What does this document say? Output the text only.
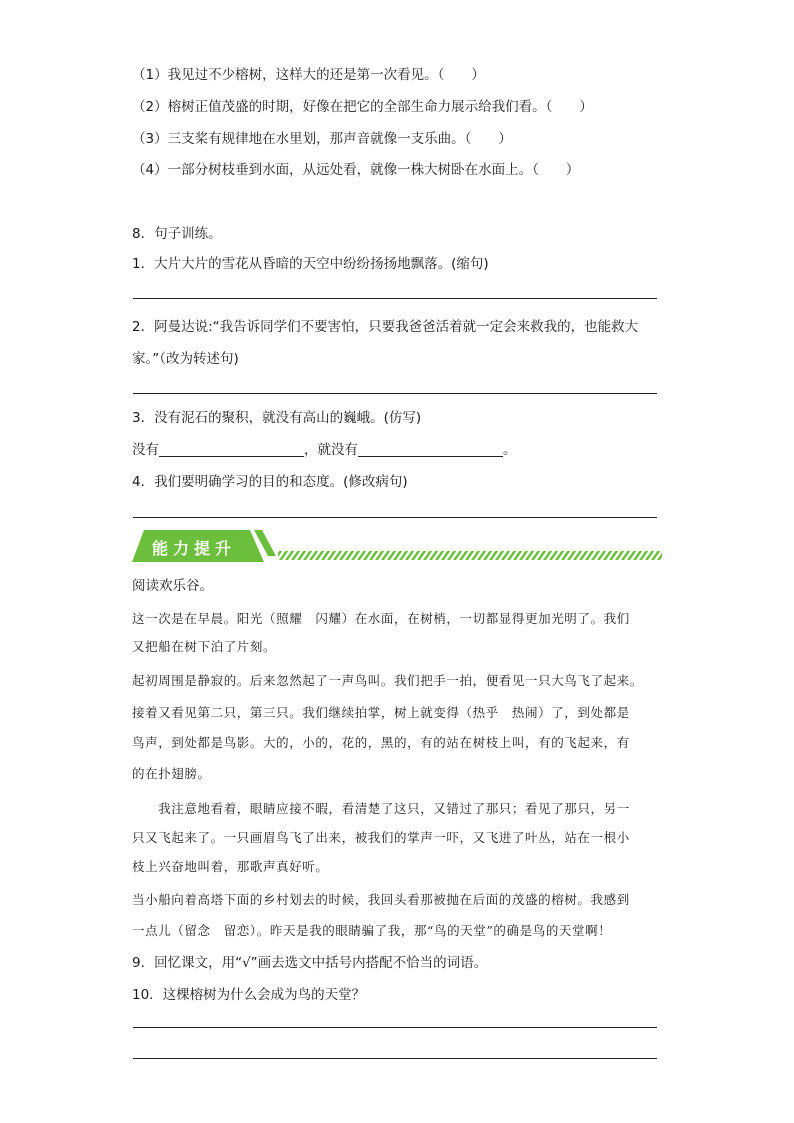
（1）我见过不少榕树，这样大的还是第一次看见。（　　）
（2）榕树正值茂盛的时期，好像在把它的全部生命力展示给我们看。（　　）
（3）三支桨有规律地在水里划，那声音就像一支乐曲。（　　）
（4）一部分树枝垂到水面，从远处看，就像一株大树卧在水面上。（　　）
8．句子训练。
1．大片大片的雪花从昏暗的天空中纷纷扬扬地飘落。(缩句)
2．阿曼达说:“我告诉同学们不要害怕，只要我爸爸活着就一定会来救我的，也能救大
家。”（改为转述句)
3．没有泥石的聚积，就没有高山的巍峨。(仿写)
没有	，就没有	。
4．我们要明确学习的目的和态度。(修改病句)
能力提升
阅读欢乐谷。
这一次是在早晨。阳光（照耀　闪耀）在水面，在树梢，一切都显得更加光明了。我们
又把船在树下泊了片刻。
起初周围是静寂的。后来忽然起了一声鸟叫。我们把手一拍，便看见一只大鸟飞了起来。
接着又看见第二只，第三只。我们继续拍掌，树上就变得（热乎　热闹）了，到处都是
鸟声，到处都是鸟影。大的，小的，花的，黑的，有的站在树枝上叫，有的飞起来，有
的在扑翅膀。
　　我注意地看着，眼睛应接不暇，看清楚了这只，又错过了那只；看见了那只，另一
只又飞起来了。一只画眉鸟飞了出来，被我们的掌声一吓，又飞进了叶丛，站在一根小
枝上兴奋地叫着，那歌声真好听。
当小船向着高塔下面的乡村划去的时候，我回头看那被抛在后面的茂盛的榕树。我感到
一点儿（留念　留恋）。昨天是我的眼睛骗了我，那“鸟的天堂”的确是鸟的天堂啊！
9．回忆课文，用“√”画去选文中括号内搭配不恰当的词语。
10．这棵榕树为什么会成为鸟的天堂？
